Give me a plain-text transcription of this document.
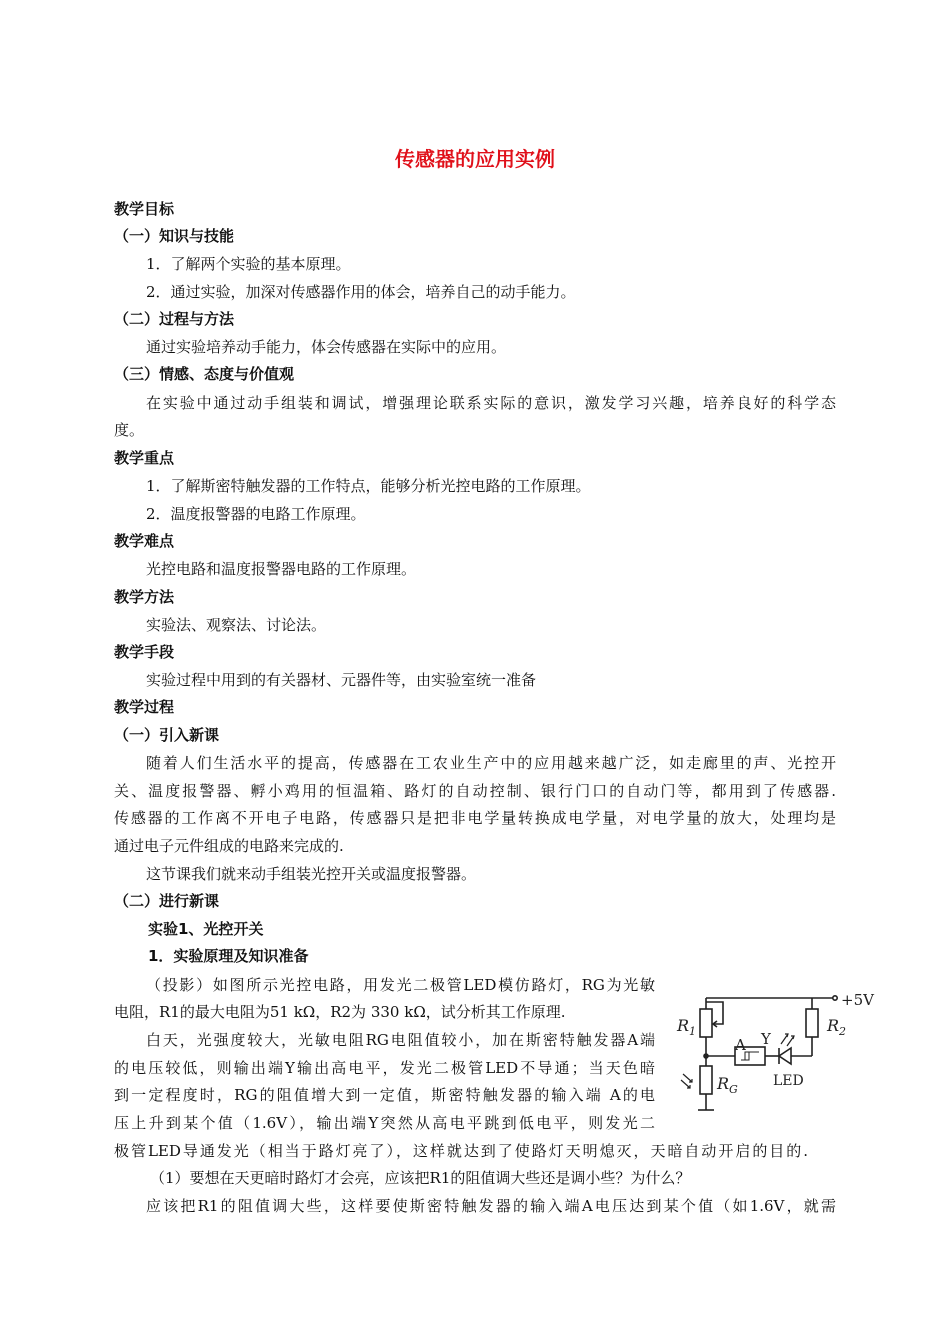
传感器的应用实例
教学目标
（一）知识与技能
1．了解两个实验的基本原理。
2．通过实验，加深对传感器作用的体会，培养自己的动手能力。
（二）过程与方法
通过实验培养动手能力，体会传感器在实际中的应用。
（三）情感、态度与价值观
在实验中通过动手组装和调试，增强理论联系实际的意识，激发学习兴趣，培养良好的科学态
度。
教学重点
1．了解斯密特触发器的工作特点，能够分析光控电路的工作原理。
2．温度报警器的电路工作原理。
教学难点
光控电路和温度报警器电路的工作原理。
教学方法
实验法、观察法、讨论法。
教学手段
实验过程中用到的有关器材、元器件等，由实验室统一准备
教学过程
（一）引入新课
随着人们生活水平的提高，传感器在工农业生产中的应用越来越广泛，如走廊里的声、光控开
关、温度报警器、孵小鸡用的恒温箱、路灯的自动控制、银行门口的自动门等，都用到了传感器.
传感器的工作离不开电子电路，传感器只是把非电学量转换成电学量，对电学量的放大，处理均是
通过电子元件组成的电路来完成的.
这节课我们就来动手组装光控开关或温度报警器。
（二）进行新课
实验1、光控开关
1．实验原理及知识准备
（投影）如图所示光控电路，用发光二极管LED模仿路灯，RG为光敏
电阻，R1的最大电阻为51 kΩ，R2为 330 kΩ，试分析其工作原理.
白天，光强度较大，光敏电阻RG电阻值较小，加在斯密特触发器A端
的电压较低，则输出端Y输出高电平，发光二极管LED不导通；当天色暗
到一定程度时，RG的阻值增大到一定值，斯密特触发器的输入端 A的电
压上升到某个值（1.6V），输出端Y突然从高电平跳到低电平，则发光二
极管LED导通发光（相当于路灯亮了），这样就达到了使路灯天明熄灭，天暗自动开启的目的.
（1）要想在天更暗时路灯才会亮，应该把R1的阻值调大些还是调小些？为什么？
应该把R1的阻值调大些，这样要使斯密特触发器的输入端A电压达到某个值（如1.6V，就需
+5V
$R_1$
A Y
LED
$R_2$
$R_G$
